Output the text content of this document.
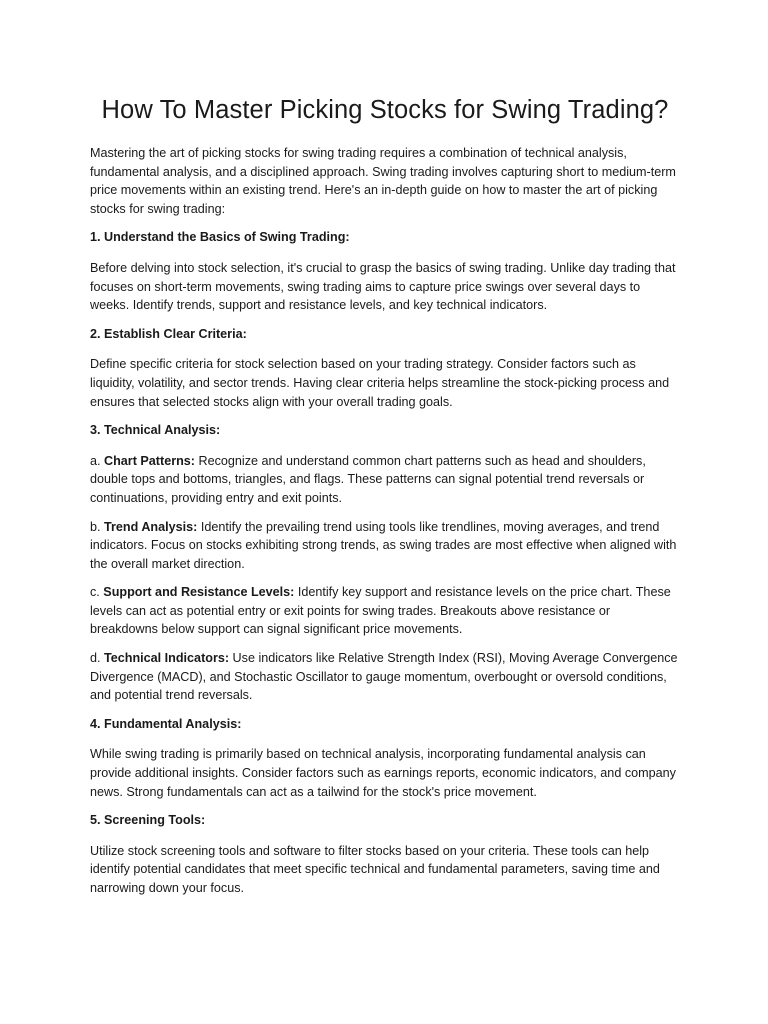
How To Master Picking Stocks for Swing Trading?

Mastering the art of picking stocks for swing trading requires a combination of technical analysis, fundamental analysis, and a disciplined approach. Swing trading involves capturing short to medium-term price movements within an existing trend. Here's an in-depth guide on how to master the art of picking stocks for swing trading:

1. Understand the Basics of Swing Trading:

Before delving into stock selection, it's crucial to grasp the basics of swing trading. Unlike day trading that focuses on short-term movements, swing trading aims to capture price swings over several days to weeks. Identify trends, support and resistance levels, and key technical indicators.

2. Establish Clear Criteria:

Define specific criteria for stock selection based on your trading strategy. Consider factors such as liquidity, volatility, and sector trends. Having clear criteria helps streamline the stock-picking process and ensures that selected stocks align with your overall trading goals.

3. Technical Analysis:

a. Chart Patterns: Recognize and understand common chart patterns such as head and shoulders, double tops and bottoms, triangles, and flags. These patterns can signal potential trend reversals or continuations, providing entry and exit points.

b. Trend Analysis: Identify the prevailing trend using tools like trendlines, moving averages, and trend indicators. Focus on stocks exhibiting strong trends, as swing trades are most effective when aligned with the overall market direction.

c. Support and Resistance Levels: Identify key support and resistance levels on the price chart. These levels can act as potential entry or exit points for swing trades. Breakouts above resistance or breakdowns below support can signal significant price movements.

d. Technical Indicators: Use indicators like Relative Strength Index (RSI), Moving Average Convergence Divergence (MACD), and Stochastic Oscillator to gauge momentum, overbought or oversold conditions, and potential trend reversals.

4. Fundamental Analysis:

While swing trading is primarily based on technical analysis, incorporating fundamental analysis can provide additional insights. Consider factors such as earnings reports, economic indicators, and company news. Strong fundamentals can act as a tailwind for the stock's price movement.

5. Screening Tools:

Utilize stock screening tools and software to filter stocks based on your criteria. These tools can help identify potential candidates that meet specific technical and fundamental parameters, saving time and narrowing down your focus.
